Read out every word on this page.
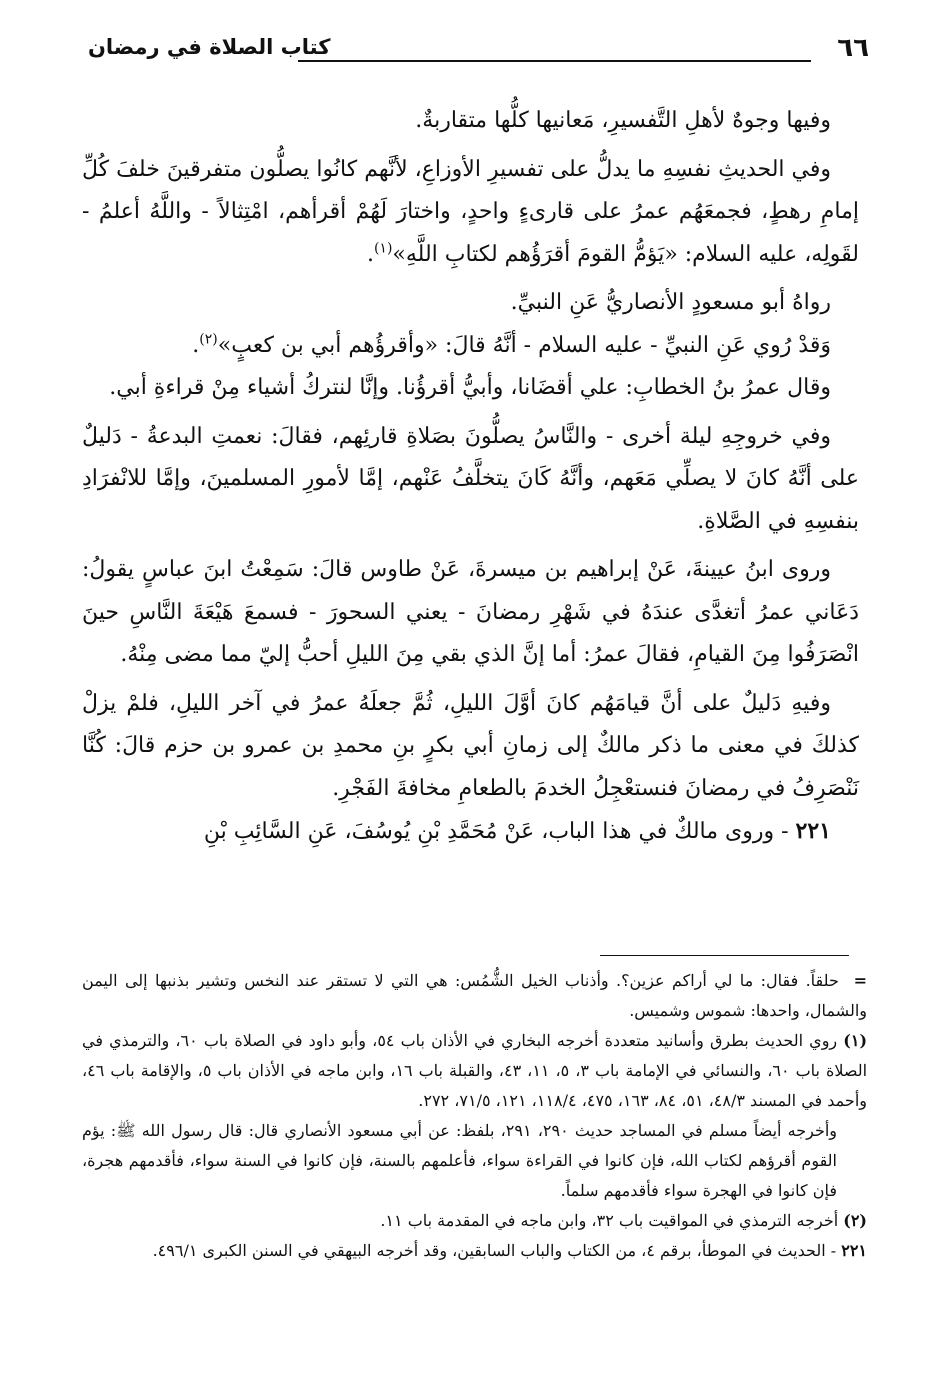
٦٦
كتاب الصلاة في رمضان

وفيها وجوهٌ لأهلِ التَّفسيرِ، مَعانيها كلُّها متقاربةٌ.

وفي الحديثِ نفسِهِ ما يدلُّ على تفسيرِ الأوزاعِ، لأنَّهم كانُوا يصلُّون متفرقينَ خلفَ كُلِّ إمامِ رهطٍ، فجمعَهُم عمرُ على قارىءٍ واحدٍ، واختارَ لَهُمْ أقرأهم، امْتِثالاً - واللَّهُ أعلمُ - لقَولِه، عليه السلام: «يَؤمُّ القومَ أقرَؤُهم لكتابِ اللَّهِ»$^{(١)}$.

رواهُ أبو مسعودٍ الأنصاريُّ عَنِ النبيِّ.

وَقدْ رُوي عَنِ النبيِّ - عليه السلام - أنَّهُ قالَ: «وأقرؤُهم أبي بن كعبٍ»$^{(٢)}$.

وقال عمرُ بنُ الخطابِ: علي أقضَانا، وأبيُّ أقرؤُنا. وإنَّا لنتركُ أشياء مِنْ قراءةِ أبي.

وفي خروجِهِ ليلة أخرى - والنَّاسُ يصلُّونَ بصَلاةِ قارئِهم، فقالَ: نعمتِ البدعةُ - دَليلٌ على أنَّهُ كانَ لا يصلِّي مَعَهم، وأنَّهُ كَانَ يتخلَّفُ عَنْهم، إمَّا لأمورِ المسلمينَ، وإمَّا للانْفرَادِ بنفسِهِ في الصَّلاةِ.

وروى ابنُ عيينةَ، عَنْ إبراهيم بن ميسرةَ، عَنْ طاوس قالَ: سَمِعْتُ ابنَ عباسٍ يقولُ: دَعَاني عمرُ أتغدَّى عندَهُ في شَهْرِ رمضانَ - يعني السحورَ - فسمعَ هَيْعَةَ النَّاسِ حينَ انْصَرَفُوا مِنَ القيامِ، فقالَ عمرُ: أما إنَّ الذي بقي مِنَ الليلِ أحبُّ إليّ مما مضى مِنْهُ.

وفيهِ دَليلٌ على أنَّ قيامَهُم كانَ أوَّلَ الليلِ، ثُمَّ جعلَهُ عمرُ في آخر الليلِ، فلمْ يزلْ كذلكَ في معنى ما ذكر مالكٌ إلى زمانِ أبي بكرٍ بنِ محمدِ بن عمرو بن حزم قالَ: كُنَّا نَنْصَرِفُ في رمضانَ فنستعْجِلُ الخدمَ بالطعامِ مخافةَ الفَجْرِ.

٢٢١ - وروى مالكٌ في هذا الباب، عَنْ مُحَمَّدِ بْنِ يُوسُفَ، عَنِ السَّائِبِ بْنِ

=  حلقاً. فقال: ما لي أراكم عزين؟. وأذناب الخيل الشُّمُس: هي التي لا تستقر عند النخس وتشير بذنبها إلى اليمن والشمال، واحدها: شموس وشميس.

(١) روي الحديث بطرق وأسانيد متعددة أخرجه البخاري في الأذان باب ٥٤، وأبو داود في الصلاة باب ٦٠، والترمذي في الصلاة باب ٦٠، والنسائي في الإمامة باب ٣، ٥، ١١، ٤٣، والقبلة باب ١٦، وابن ماجه في الأذان باب ٥، والإقامة باب ٤٦، وأحمد في المسند ٤٨/٣، ٥١، ٨٤، ١٦٣، ٤٧٥، ١١٨/٤، ١٢١، ٧١/٥، ٢٧٢.

وأخرجه أيضاً مسلم في المساجد حديث ٢٩٠، ٢٩١، بلفظ: عن أبي مسعود الأنصاري قال: قال رسول الله ﷺ: يؤم القوم أقرؤهم لكتاب الله، فإن كانوا في القراءة سواء، فأعلمهم بالسنة، فإن كانوا في السنة سواء، فأقدمهم هجرة، فإن كانوا في الهجرة سواء فأقدمهم سلماً.

(٢) أخرجه الترمذي في المواقيت باب ٣٢، وابن ماجه في المقدمة باب ١١.

٢٢١ - الحديث في الموطأ، برقم ٤، من الكتاب والباب السابقين، وقد أخرجه البيهقي في السنن الكبرى ٤٩٦/١.
